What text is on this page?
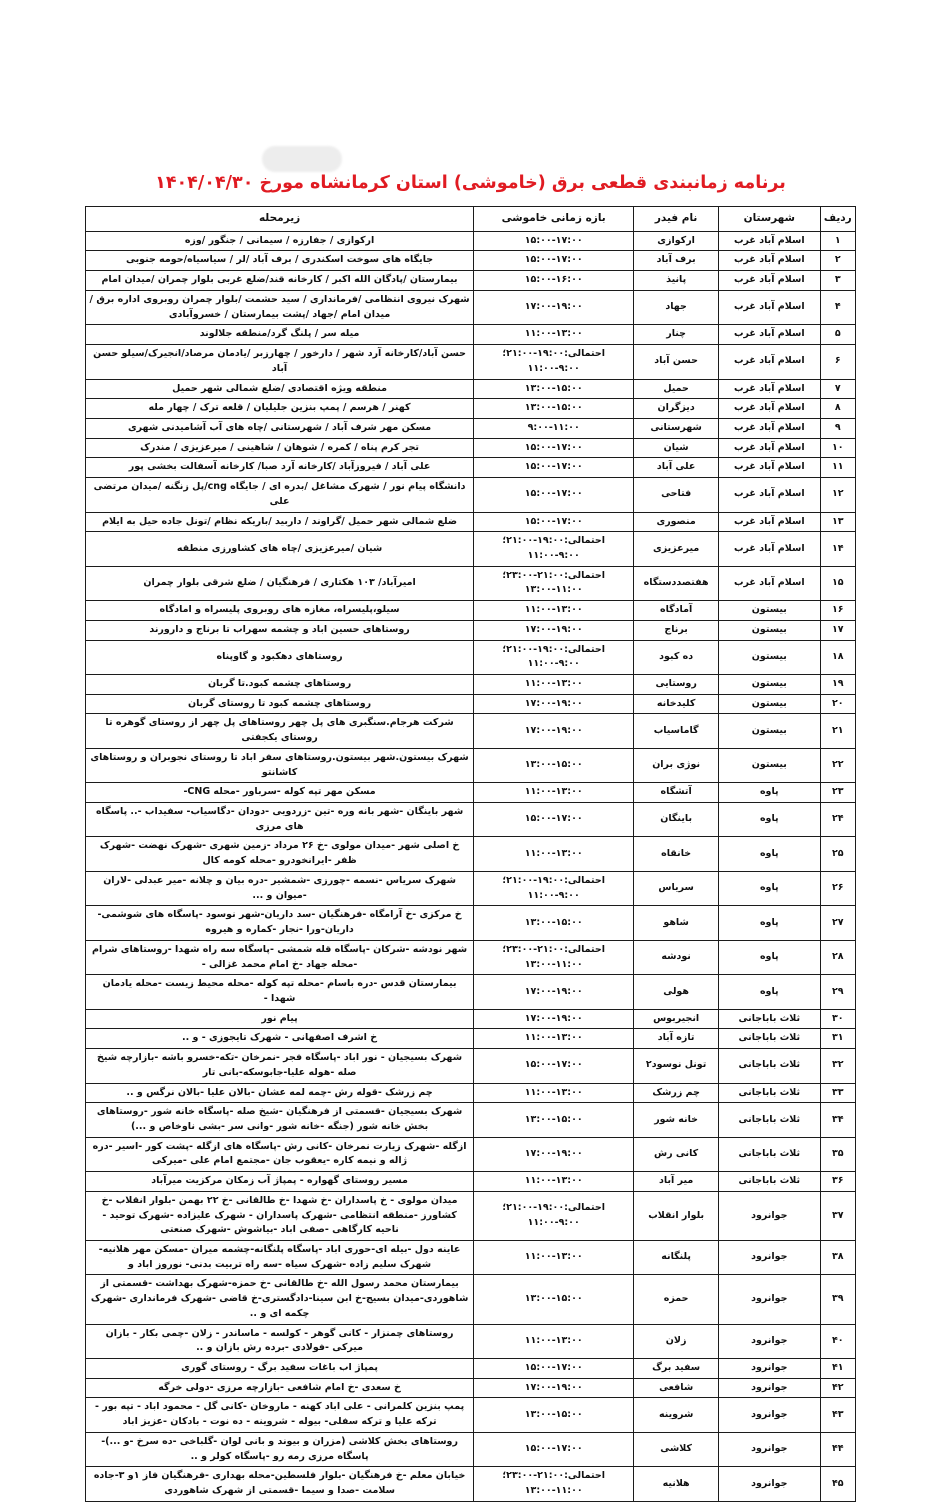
برنامه زمانبندی قطعی برق (خاموشی) استان کرمانشاه مورخ ۱۴۰۴/۰۴/۳۰
ردیف	شهرستان	نام فیدر	بازه زمانی خاموشی	زیرمحله
۱	اسلام آباد غرب	ارکوازی	۱۵:۰۰-۱۷:۰۰	ارکوازی / جفارزه / سیمانی / جنگور /وزه
۲	اسلام آباد غرب	برف آباد	۱۵:۰۰-۱۷:۰۰	جایگاه های سوخت اسکندری / برف آباد /لر / سیاسیاه/حومه جنوبی
۳	اسلام آباد غرب	پانیذ	۱۵:۰۰-۱۶:۰۰	بیمارستان /پادگان الله اکبر / کارخانه قند/ضلع غربی بلوار چمران /میدان امام
۴	اسلام آباد غرب	جهاد	۱۷:۰۰-۱۹:۰۰	شهرک نیروی انتظامی /فرمانداری / سید حشمت /بلوار چمران روبروی اداره برق / میدان امام /جهاد /پشت بیمارستان / خسروآبادی
۵	اسلام آباد غرب	چنار	۱۱:۰۰-۱۳:۰۰	میله سر / پلنگ گرد/منطقه جلالوند
۶	اسلام آباد غرب	حسن آباد	احتمالی:۱۹:۰۰-۲۱:۰۰؛۹:۰۰-۱۱:۰۰	حسن آباد/کارخانه آرد شهر / دارخور / چهارزبر /یادمان مرصاد/انجیرک/سیلو حسن آباد
۷	اسلام آباد غرب	حمیل	۱۳:۰۰-۱۵:۰۰	منطقه ویژه اقتصادی /ضلع شمالی شهر حمیل
۸	اسلام آباد غرب	دیزگران	۱۳:۰۰-۱۵:۰۰	کهنر / هرسم / پمپ بنزین جلیلیان / قلعه ترک / چهار مله
۹	اسلام آباد غرب	شهرستانی	۹:۰۰-۱۱:۰۰	مسکن مهر شرف آباد / شهرستانی /چاه های آب آشامیدنی شهری
۱۰	اسلام آباد غرب	شیان	۱۵:۰۰-۱۷:۰۰	تجر کرم پناه / کمره / شوهان / شاهینی / میرعزیزی / مندرک
۱۱	اسلام آباد غرب	علی آباد	۱۵:۰۰-۱۷:۰۰	علی آباد / فیروزآباد /کارخانه آرد صبا/ کارخانه آسفالت بخشی پور
۱۲	اسلام آباد غرب	فتاحی	۱۵:۰۰-۱۷:۰۰	دانشگاه پیام نور / شهرک مشاغل /بدره ای / جایگاه cng/پل زنگنه /میدان مرتضی علی
۱۳	اسلام آباد غرب	منصوری	۱۵:۰۰-۱۷:۰۰	ضلع شمالی شهر حمیل /گراوند / داربید /باریکه نظام /تونل جاده حیل به ایلام
۱۴	اسلام آباد غرب	میرعزیزی	احتمالی:۱۹:۰۰-۲۱:۰۰؛۹:۰۰-۱۱:۰۰	شیان /میرعزیزی /چاه های کشاورزی منطقه
۱۵	اسلام آباد غرب	هفتصددستگاه	احتمالی:۲۱:۰۰-۲۳:۰۰؛۱۱:۰۰-۱۳:۰۰	امیرآباد/ ۱۰۳ هکتاری / فرهنگیان / ضلع شرقی بلوار چمران
۱۶	بیستون	آمادگاه	۱۱:۰۰-۱۳:۰۰	سیلو،پلیسراه، مغازه های روبروی پلیسراه و امادگاه
۱۷	بیستون	برناج	۱۷:۰۰-۱۹:۰۰	روستاهای حسین اباد و چشمه سهراب تا برناج و دارورند
۱۸	بیستون	ده کبود	احتمالی:۱۹:۰۰-۲۱:۰۰؛۹:۰۰-۱۱:۰۰	روستاهای دهکبود و گاوپناه
۱۹	بیستون	روستایی	۱۱:۰۰-۱۳:۰۰	روستاهای چشمه کبود.تا گربان
۲۰	بیستون	کلیدخانه	۱۷:۰۰-۱۹:۰۰	روستاهای چشمه کبود تا روستای گربان
۲۱	بیستون	گاماسیاب	۱۷:۰۰-۱۹:۰۰	شرکت هرجام.سنگبری های پل چهر روستاهای پل چهر از روستای گوهره تا روستای یکجفتی
۲۲	بیستون	نوژی بران	۱۳:۰۰-۱۵:۰۰	شهرک بیستون.شهر بیستون.روستاهای سفر اباد تا روستای نجوبران و روستاهای کاشانتو
۲۳	پاوه	آتشگاه	۱۱:۰۰-۱۳:۰۰	مسکن مهر تپه کوله -سرباور -محله CNG-
۲۴	پاوه	باینگان	۱۵:۰۰-۱۷:۰۰	شهر باینگان -شهر بانه وره -تین -زردویی -دودان -دگاسیاب- سفیداب -.. پاسگاه های مرزی
۲۵	پاوه	خانقاه	۱۱:۰۰-۱۳:۰۰	خ اصلی شهر -میدان مولوی -خ ۲۶ مرداد -زمین شهری -شهرک نهضت -شهرک ظفر -ایرانخودرو -محله کومه کال
۲۶	پاوه	سریاس	احتمالی:۱۹:۰۰-۲۱:۰۰؛۹:۰۰-۱۱:۰۰	شهرک سریاس -نسمه -چورزی -شمشیر -دره بیان و چلانه -میر عبدلی -لاران -میوان و ...
۲۷	پاوه	شاهو	۱۳:۰۰-۱۵:۰۰	خ مرکزی -خ آرامگاه -فرهنگیان -سد داریان-شهر نوسود -پاسگاه های شوشمی-داریان-ورا -نجار -کماره و هیروه
۲۸	پاوه	نودشه	احتمالی:۲۱:۰۰-۲۳:۰۰؛۱۱:۰۰-۱۳:۰۰	شهر نودشه -شرکان -پاسگاه قله شمشی -پاسگاه سه راه شهدا -روستاهای شرام -محله جهاد -خ امام محمد غزالی -
۲۹	پاوه	هولی	۱۷:۰۰-۱۹:۰۰	بیمارستان قدس -دره باسام -محله تپه کوله -محله محیط زیست -محله یادمان شهدا -
۳۰	ثلاث باباجانی	انجیربوس	۱۷:۰۰-۱۹:۰۰	پیام نور
۳۱	ثلاث باباجانی	تازه آباد	۱۱:۰۰-۱۳:۰۰	خ اشرف اصفهانی - شهرک تایجوزی - و ..
۳۲	ثلاث باباجانی	تونل نوسود۲	۱۵:۰۰-۱۷:۰۰	شهرک بسیجیان - نور اباد -پاسگاه فجر -نمرخان -تکه-خسرو باشه -بازارچه شیخ صله -هوله علیا-جابوسکه-بانی تار
۳۳	ثلاث باباجانی	چم زرشک	۱۱:۰۰-۱۳:۰۰	چم زرشک -قوله رش -چمه لمه عشان -بالان علیا -بالان نرگس و ..
۳۴	ثلاث باباجانی	خانه شور	۱۳:۰۰-۱۵:۰۰	شهرک بسیجیان -قسمتی از فرهنگیان -شیخ صله -پاسگاه خانه شور -روستاهای بخش خانه شور (جنگه -خانه شور -وانی سر -بشی ناوخاص و ...)
۳۵	ثلاث باباجانی	کانی رش	۱۷:۰۰-۱۹:۰۰	ازگله -شهرک زیارت نمرخان -کانی رش -پاسگاه های ازگله -پشت کور -اسیر -دره ژاله و نیمه کاره -یعقوب جان -مجتمع امام علی -میرکی
۳۶	ثلاث باباجانی	میر آباد	۱۱:۰۰-۱۳:۰۰	مسیر روستای گهواره - پمپاژ آب زمکان مرکزیت میرآباد
۳۷	جوانرود	بلوار انقلاب	احتمالی:۱۹:۰۰-۲۱:۰۰؛۹:۰۰-۱۱:۰۰	میدان مولوی - خ پاسداران -خ شهدا -خ طالقانی -خ ۲۲ بهمن -بلوار انقلاب -خ کشاورز -منطقه انتظامی -شهرک پاسداران - شهرک علیزاده -شهرک توحید - ناحیه کارگاهی -صفی اباد -بیاشوش -شهرک صنعتی
۳۸	جوانرود	پلنگانه	۱۱:۰۰-۱۳:۰۰	عاینه دول -بیله ای-حوری اباد -پاسگاه پلنگانه-چشمه میران -مسکن مهر هلانیه-شهرک سلیم زاده -شهرک سیاه -سه راه تربیت بدنی- نوروز اباد و
۳۹	جوانرود	حمزه	۱۳:۰۰-۱۵:۰۰	بیمارستان محمد رسول الله -خ طالقانی -خ حمزه-شهرک بهداشت -قسمتی از شاهوردی-میدان بسیج-خ ابن سینا-دادگستری-خ قاضی -شهرک فرمانداری -شهرک چکمه ای و ..
۴۰	جوانرود	زلان	۱۱:۰۰-۱۳:۰۰	روستاهای چمنزار - کانی گوهر - کولسه - ماساندر - زلان -چمی بکار - بازان میرکی -فولادی -برده رش بازان و ..
۴۱	جوانرود	سفید برگ	۱۵:۰۰-۱۷:۰۰	پمپاژ اب باغات سفید برگ - روستای گوری
۴۲	جوانرود	شافعی	۱۷:۰۰-۱۹:۰۰	خ سعدی -خ امام شافعی -بازارچه مرزی -دولی خرگه
۴۳	جوانرود	شروینه	۱۳:۰۰-۱۵:۰۰	پمپ بنزین کلمرانی - علی اباد کهنه - ماروخان -کانی گل - محمود اباد - تپه بور - ترکه علیا و ترکه سفلی- بیوله - شروینه - ده نوت - بادکان -عزیز اباد
۴۴	جوانرود	کلاشی	۱۵:۰۰-۱۷:۰۰	روستاهای بخش کلاشی (مزران و بیوند و بانی لوان -گلباخی -ده سرخ -و ...)-پاسگاه مرزی رمه رو -پاسگاه کولر و ..
۴۵	جوانرود	هلانیه	احتمالی:۲۱:۰۰-۲۳:۰۰؛۱۱:۰۰-۱۳:۰۰	خیابان معلم -خ فرهنگیان -بلوار فلسطین-محله بهداری -فرهنگیان فاز ۱و ۳-جاده سلامت -صدا و سیما -قسمتی از شهرک شاهوردی
